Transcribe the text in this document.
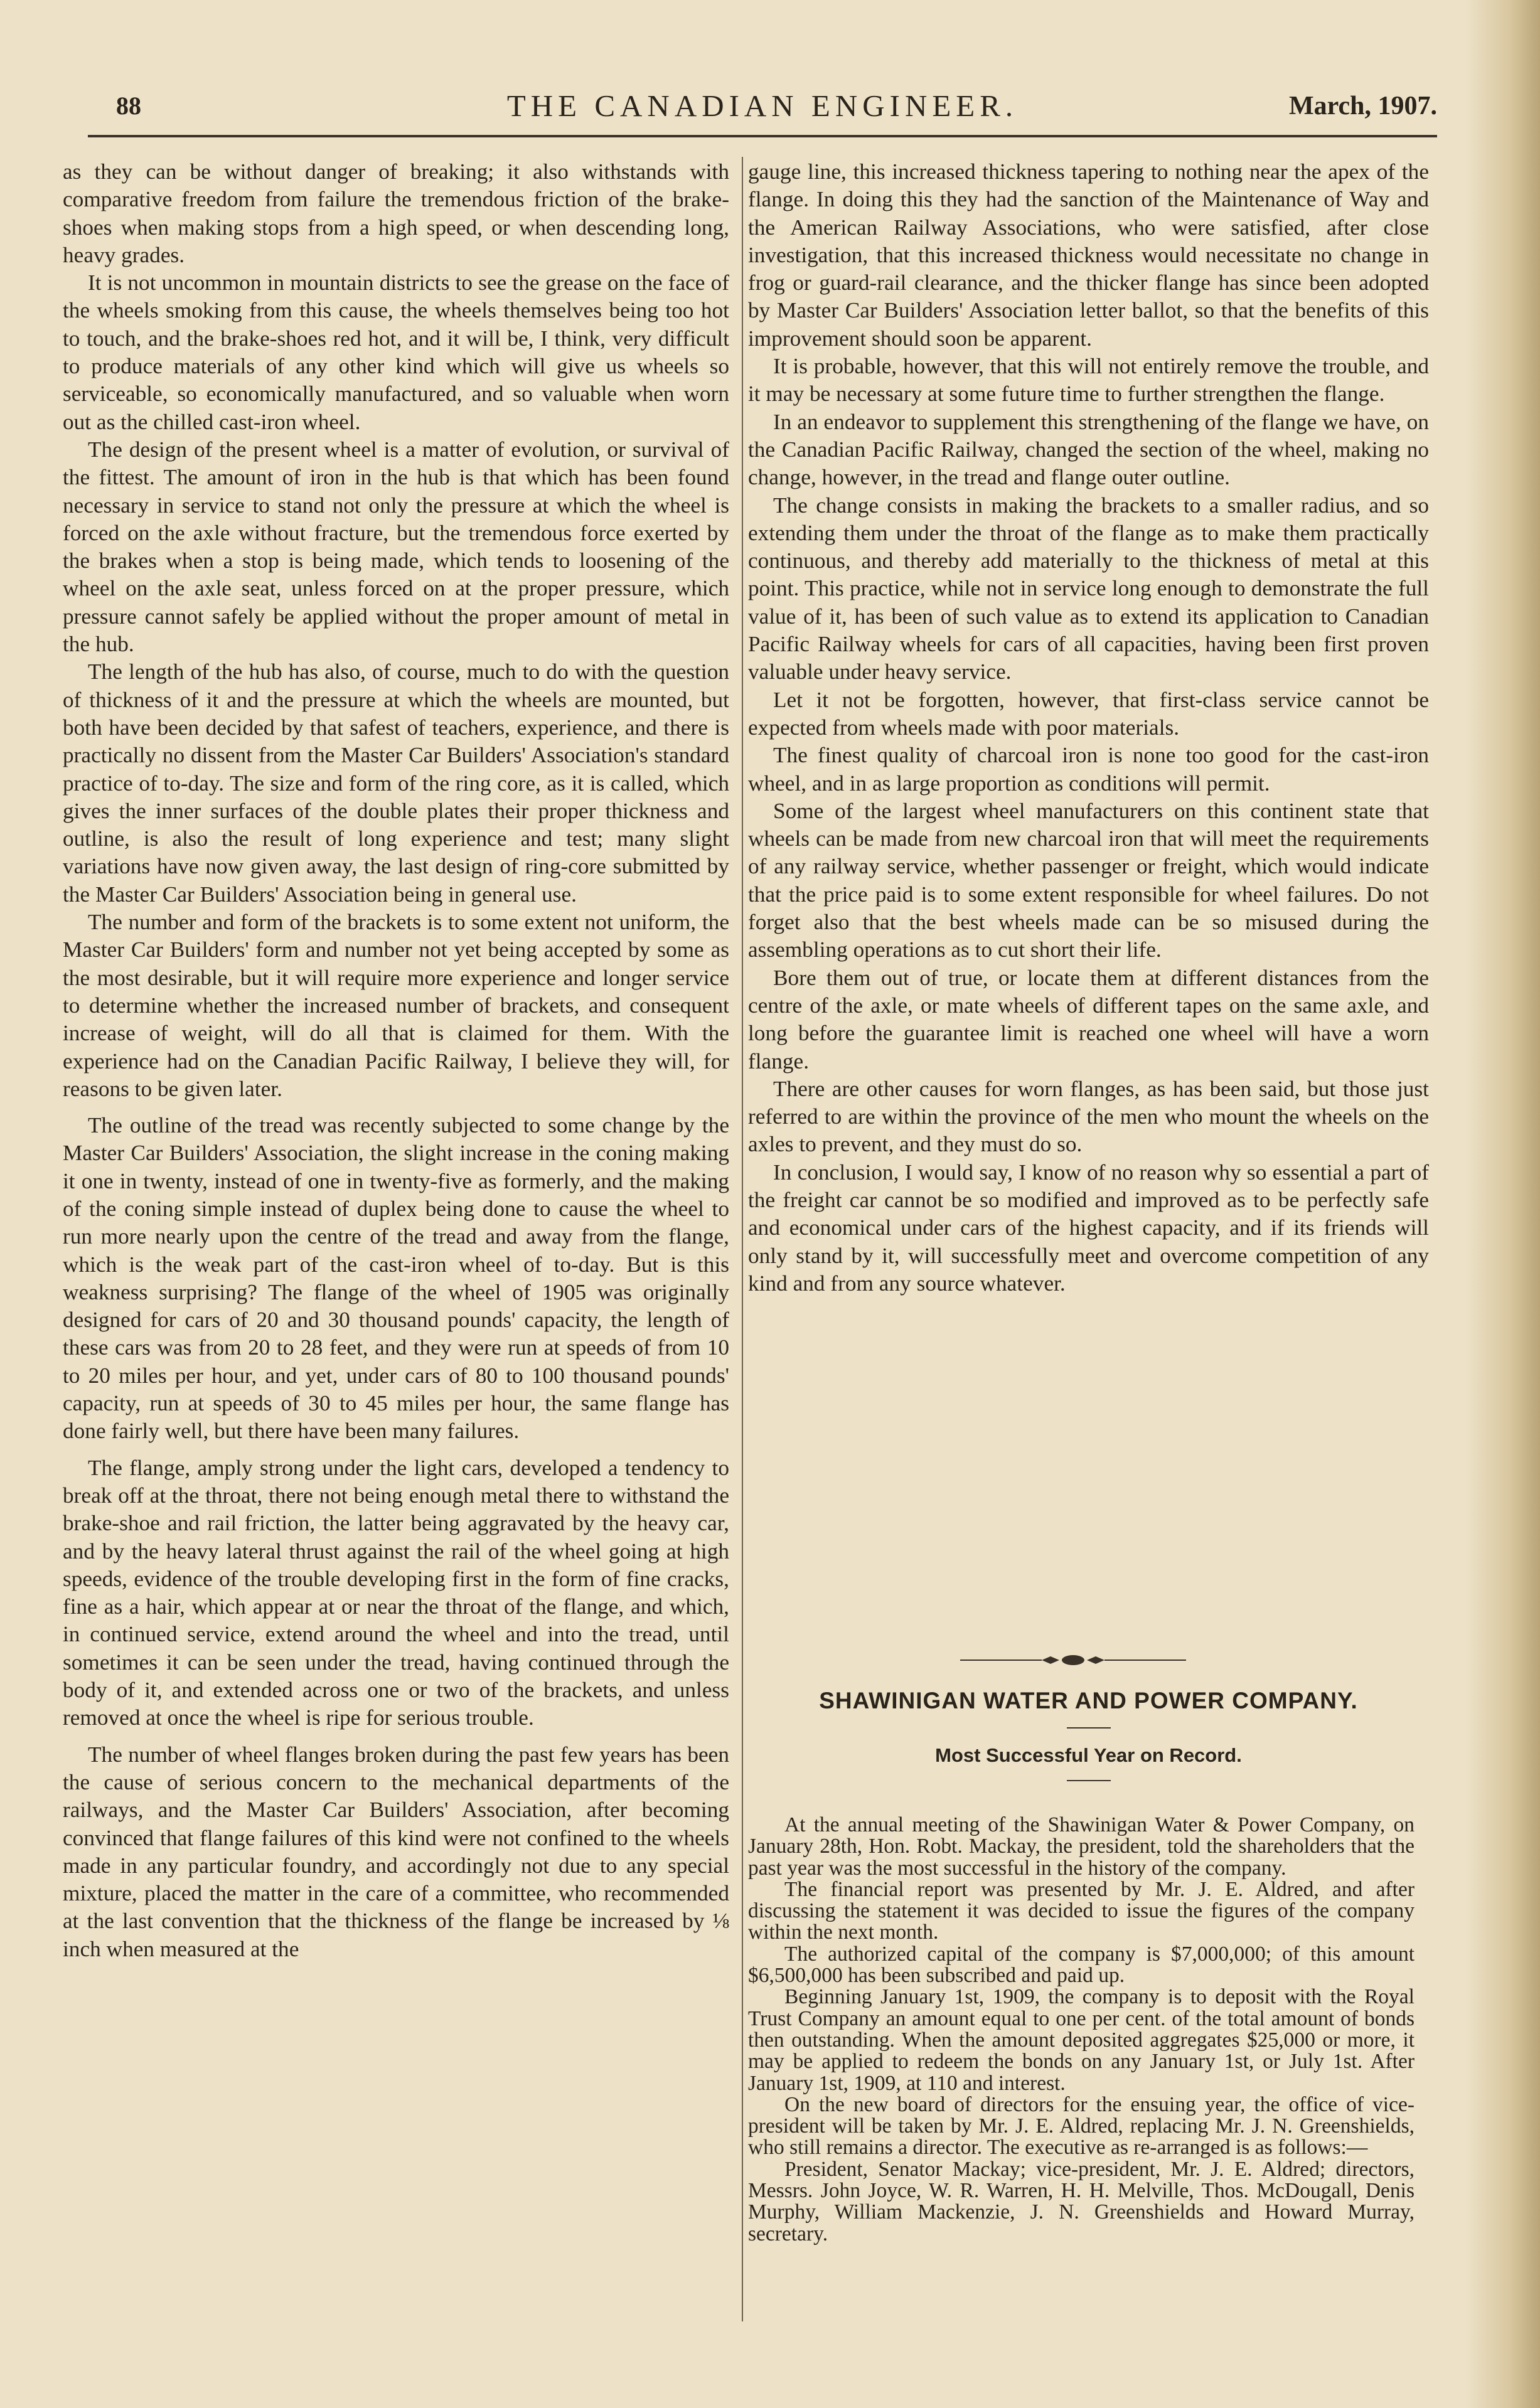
88	THE CANADIAN ENGINEER.	March, 1907.

as they can be without danger of breaking; it also withstands with comparative freedom from failure the tremendous friction of the brake-shoes when making stops from a high speed, or when descending long, heavy grades.

It is not uncommon in mountain districts to see the grease on the face of the wheels smoking from this cause, the wheels themselves being too hot to touch, and the brake-shoes red hot, and it will be, I think, very difficult to produce materials of any other kind which will give us wheels so serviceable, so economically manufactured, and so valuable when worn out as the chilled cast-iron wheel.

The design of the present wheel is a matter of evolution, or survival of the fittest. The amount of iron in the hub is that which has been found necessary in service to stand not only the pressure at which the wheel is forced on the axle without fracture, but the tremendous force exerted by the brakes when a stop is being made, which tends to loosening of the wheel on the axle seat, unless forced on at the proper pressure, which pressure cannot safely be applied without the proper amount of metal in the hub.

The length of the hub has also, of course, much to do with the question of thickness of it and the pressure at which the wheels are mounted, but both have been decided by that safest of teachers, experience, and there is practically no dissent from the Master Car Builders' Association's standard practice of to-day. The size and form of the ring core, as it is called, which gives the inner surfaces of the double plates their proper thickness and outline, is also the result of long experience and test; many slight variations have now given away, the last design of ring-core submitted by the Master Car Builders' Association being in general use.

The number and form of the brackets is to some extent not uniform, the Master Car Builders' form and number not yet being accepted by some as the most desirable, but it will require more experience and longer service to determine whether the increased number of brackets, and consequent increase of weight, will do all that is claimed for them. With the experience had on the Canadian Pacific Railway, I believe they will, for reasons to be given later.

The outline of the tread was recently subjected to some change by the Master Car Builders' Association, the slight increase in the coning making it one in twenty, instead of one in twenty-five as formerly, and the making of the coning simple instead of duplex being done to cause the wheel to run more nearly upon the centre of the tread and away from the flange, which is the weak part of the cast-iron wheel of to-day. But is this weakness surprising? The flange of the wheel of 1905 was originally designed for cars of 20 and 30 thousand pounds' capacity, the length of these cars was from 20 to 28 feet, and they were run at speeds of from 10 to 20 miles per hour, and yet, under cars of 80 to 100 thousand pounds' capacity, run at speeds of 30 to 45 miles per hour, the same flange has done fairly well, but there have been many failures.

The flange, amply strong under the light cars, developed a tendency to break off at the throat, there not being enough metal there to withstand the brake-shoe and rail friction, the latter being aggravated by the heavy car, and by the heavy lateral thrust against the rail of the wheel going at high speeds, evidence of the trouble developing first in the form of fine cracks, fine as a hair, which appear at or near the throat of the flange, and which, in continued service, extend around the wheel and into the tread, until sometimes it can be seen under the tread, having continued through the body of it, and extended across one or two of the brackets, and unless removed at once the wheel is ripe for serious trouble.

The number of wheel flanges broken during the past few years has been the cause of serious concern to the mechanical departments of the railways, and the Master Car Builders' Association, after becoming convinced that flange failures of this kind were not confined to the wheels made in any particular foundry, and accordingly not due to any special mixture, placed the matter in the care of a committee, who recommended at the last convention that the thickness of the flange be increased by ⅛ inch when measured at the

gauge line, this increased thickness tapering to nothing near the apex of the flange. In doing this they had the sanction of the Maintenance of Way and the American Railway Associations, who were satisfied, after close investigation, that this increased thickness would necessitate no change in frog or guard-rail clearance, and the thicker flange has since been adopted by Master Car Builders' Association letter ballot, so that the benefits of this improvement should soon be apparent.

It is probable, however, that this will not entirely remove the trouble, and it may be necessary at some future time to further strengthen the flange.

In an endeavor to supplement this strengthening of the flange we have, on the Canadian Pacific Railway, changed the section of the wheel, making no change, however, in the tread and flange outer outline.

The change consists in making the brackets to a smaller radius, and so extending them under the throat of the flange as to make them practically continuous, and thereby add materially to the thickness of metal at this point. This practice, while not in service long enough to demonstrate the full value of it, has been of such value as to extend its application to Canadian Pacific Railway wheels for cars of all capacities, having been first proven valuable under heavy service.

Let it not be forgotten, however, that first-class service cannot be expected from wheels made with poor materials.

The finest quality of charcoal iron is none too good for the cast-iron wheel, and in as large proportion as conditions will permit.

Some of the largest wheel manufacturers on this continent state that wheels can be made from new charcoal iron that will meet the requirements of any railway service, whether passenger or freight, which would indicate that the price paid is to some extent responsible for wheel failures. Do not forget also that the best wheels made can be so misused during the assembling operations as to cut short their life.

Bore them out of true, or locate them at different distances from the centre of the axle, or mate wheels of different tapes on the same axle, and long before the guarantee limit is reached one wheel will have a worn flange.

There are other causes for worn flanges, as has been said, but those just referred to are within the province of the men who mount the wheels on the axles to prevent, and they must do so.

In conclusion, I would say, I know of no reason why so essential a part of the freight car cannot be so modified and improved as to be perfectly safe and economical under cars of the highest capacity, and if its friends will only stand by it, will successfully meet and overcome competition of any kind and from any source whatever.

SHAWINIGAN WATER AND POWER COMPANY.
Most Successful Year on Record.

At the annual meeting of the Shawinigan Water & Power Company, on January 28th, Hon. Robt. Mackay, the president, told the shareholders that the past year was the most successful in the history of the company.

The financial report was presented by Mr. J. E. Aldred, and after discussing the statement it was decided to issue the figures of the company within the next month.

The authorized capital of the company is $7,000,000; of this amount $6,500,000 has been subscribed and paid up.

Beginning January 1st, 1909, the company is to deposit with the Royal Trust Company an amount equal to one per cent. of the total amount of bonds then outstanding. When the amount deposited aggregates $25,000 or more, it may be applied to redeem the bonds on any January 1st, or July 1st. After January 1st, 1909, at 110 and interest.

On the new board of directors for the ensuing year, the office of vice-president will be taken by Mr. J. E. Aldred, replacing Mr. J. N. Greenshields, who still remains a director. The executive as re-arranged is as follows:—

President, Senator Mackay; vice-president, Mr. J. E. Aldred; directors, Messrs. John Joyce, W. R. Warren, H. H. Melville, Thos. McDougall, Denis Murphy, William Mackenzie, J. N. Greenshields and Howard Murray, secretary.
